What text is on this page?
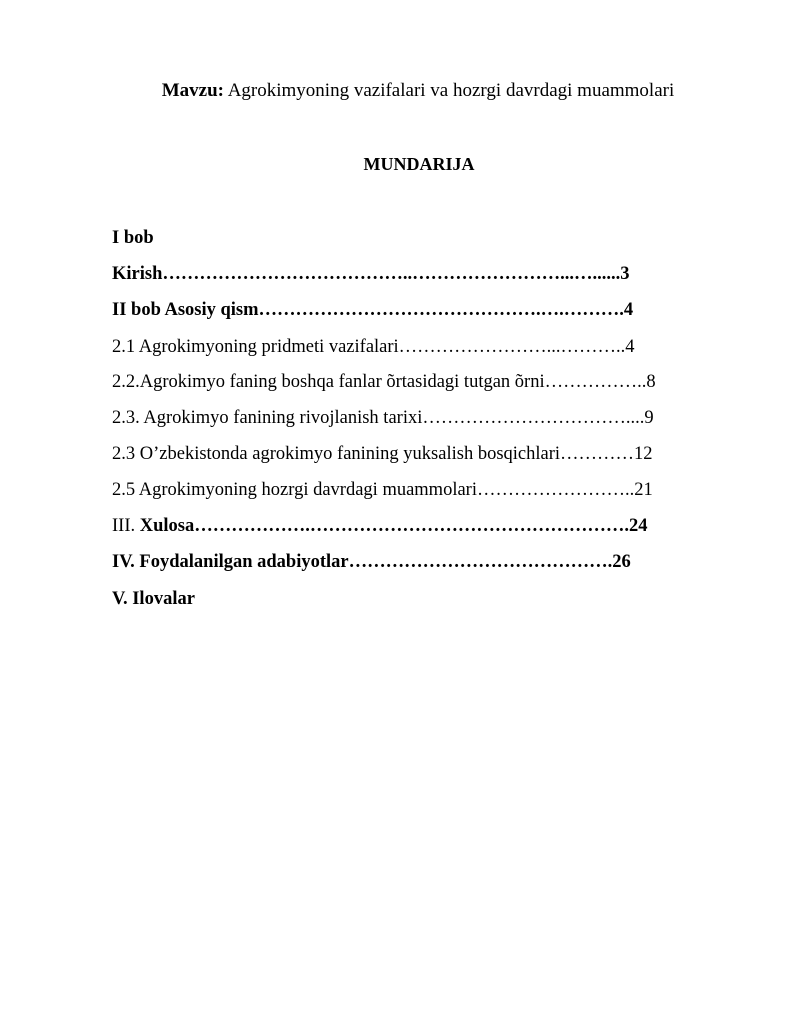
Mavzu: Agrokimyoning vazifalari va hozrgi davrdagi muammolari
MUNDARIJA
I bob
Kirish…………………………………..……………………...…......3
II bob Asosiy qism……………………………………….….……….4
2.1 Agrokimyoning pridmeti vazifalari……………………...………..4
2.2.Agrokimyo faning boshqa fanlar õrtasidagi tutgan õrni……………..8
2.3. Agrokimyo fanining rivojlanish tarixi……………………………....9
2.3 O’zbekistonda agrokimyo fanining yuksalish bosqichlari…………12
2.5 Agrokimyoning hozrgi davrdagi muammolari……………………..21
III. Xulosa……………….…………………………………………….24
IV. Foydalanilgan adabiyotlar…………………………………….26
V. Ilovalar
